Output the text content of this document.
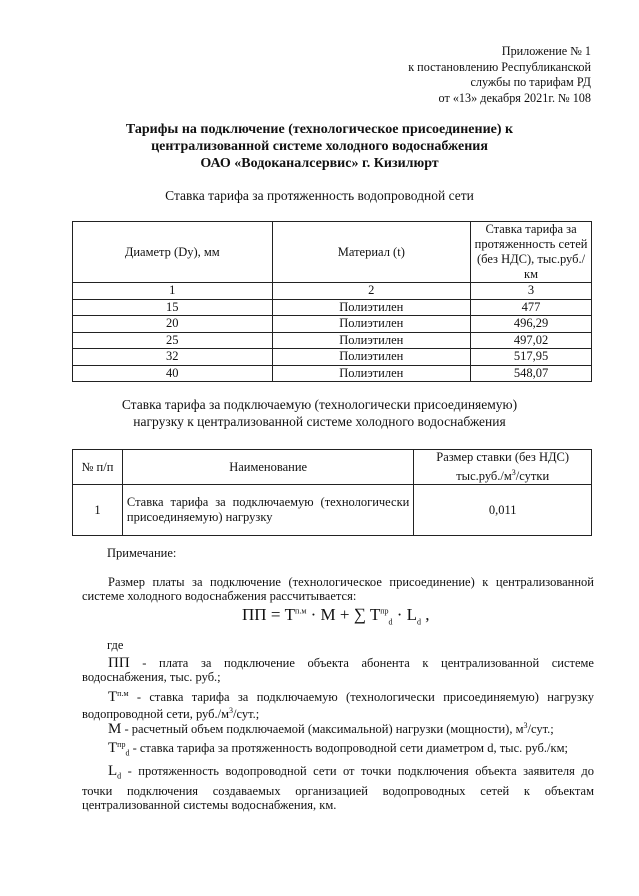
Приложение № 1
к постановлению Республиканской
службы по тарифам РД
от «13» декабря 2021г. № 108
Тарифы на подключение (технологическое присоединение) к
централизованной системе холодного водоснабжения
ОАО «Водоканалсервис» г. Кизилюрт
Ставка тарифа за протяженность водопроводной сети
Диаметр (Dy), мм	Материал (t)	Ставка тарифа за протяженность сетей (без НДС), тыс.руб./км
1	2	3
15	Полиэтилен	477
20	Полиэтилен	496,29
25	Полиэтилен	497,02
32	Полиэтилен	517,95
40	Полиэтилен	548,07
Ставка тарифа за подключаемую (технологически присоединяемую)
нагрузку к централизованной системе холодного водоснабжения
№ п/п	Наименование	Размер ставки (без НДС)
$тыс.руб./м^3$/сутки

1	Ставка тарифа за подключаемую (технологически присоединяемую) нагрузку	0,011
Примечание:
Размер платы за подключение (технологическое присоединение) к централизованной системе холодного водоснабжения рассчитывается:
ПП = $T^{п.м} \cdot M$ + ∑ $T^{пр}_d \cdot L_d$ ,
где
ПП - плата за подключение объекта абонента к централизованной системе водоснабжения, тыс. руб.;
$T^{п.м}$ - ставка тарифа за подключаемую (технологически присоединяемую) нагрузку водопроводной сети, $руб./м^3$/сут.;
M - расчетный объем подключаемой (максимальной) нагрузки (мощности), $м^3$/сут.;
$T^{пр}_d$ - ставка тарифа за протяженность водопроводной сети диаметром d, тыс. руб./км;
$L_d$ - протяженность водопроводной сети от точки подключения объекта заявителя до точки подключения создаваемых организацией водопроводных сетей к объектам централизованной системы водоснабжения, км.
